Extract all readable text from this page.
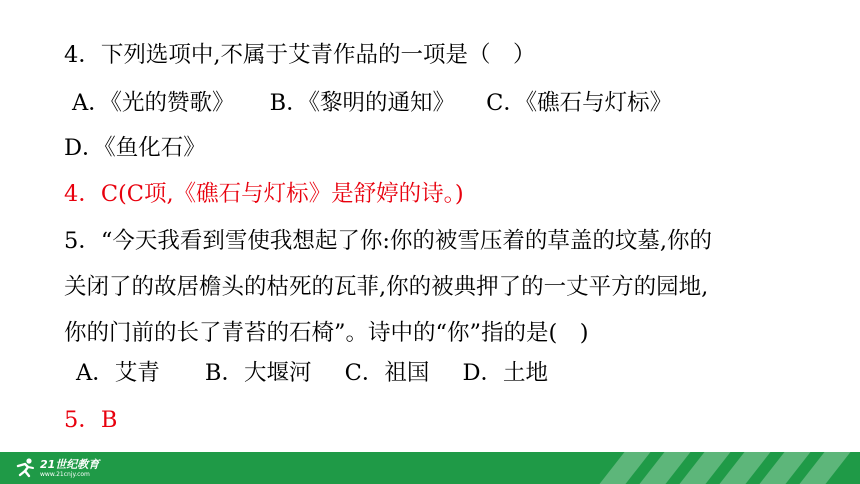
4．下列选项中,不属于艾青作品的一项是（　）
A．《光的赞歌》 B．《黎明的通知》 C．《礁石与灯标》
D．《鱼化石》
4．C(C项,《礁石与灯标》是舒婷的诗。)
5．“今天我看到雪使我想起了你:你的被雪压着的草盖的坟墓,你的
关闭了的故居檐头的枯死的瓦菲,你的被典押了的一丈平方的园地,
你的门前的长了青苔的石椅”。诗中的“你”指的是(　)
A．艾青 B．大堰河 C．祖国 D．土地
5．B
21世纪教育
www.21cnjy.com
